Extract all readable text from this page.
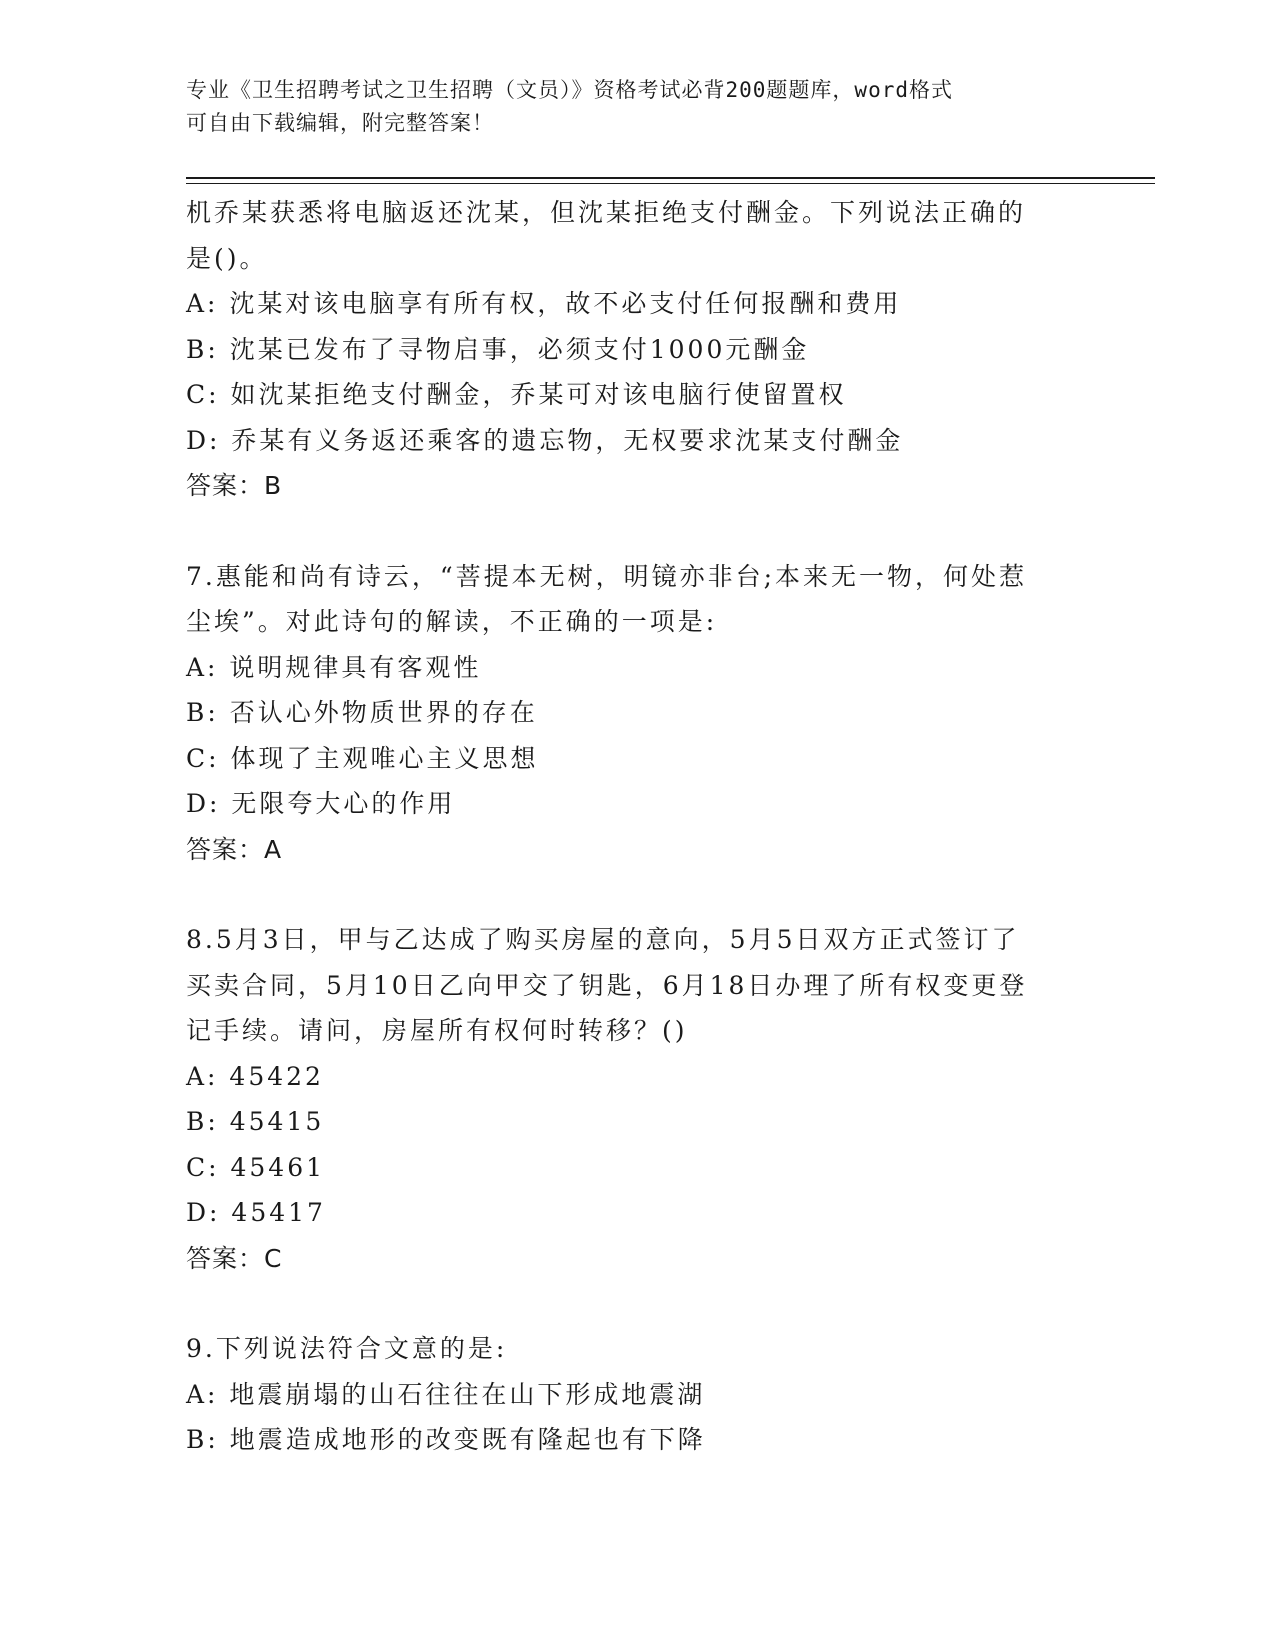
专业《卫生招聘考试之卫生招聘（文员）》资格考试必背200题题库，word格式
可自由下载编辑，附完整答案！
机乔某获悉将电脑返还沈某，但沈某拒绝支付酬金。下列说法正确的
是()。
A: 沈某对该电脑享有所有权，故不必支付任何报酬和费用
B: 沈某已发布了寻物启事，必须支付1000元酬金
C: 如沈某拒绝支付酬金，乔某可对该电脑行使留置权
D: 乔某有义务返还乘客的遗忘物，无权要求沈某支付酬金
答案：B
7.惠能和尚有诗云，“菩提本无树，明镜亦非台;本来无一物，何处惹
尘埃”。对此诗句的解读，不正确的一项是:
A: 说明规律具有客观性
B: 否认心外物质世界的存在
C: 体现了主观唯心主义思想
D: 无限夸大心的作用
答案：A
8.5月3日，甲与乙达成了购买房屋的意向，5月5日双方正式签订了
买卖合同，5月10日乙向甲交了钥匙，6月18日办理了所有权变更登
记手续。请问，房屋所有权何时转移？()
A: 45422
B: 45415
C: 45461
D: 45417
答案：C
9.下列说法符合文意的是:
A: 地震崩塌的山石往往在山下形成地震湖
B: 地震造成地形的改变既有隆起也有下降
